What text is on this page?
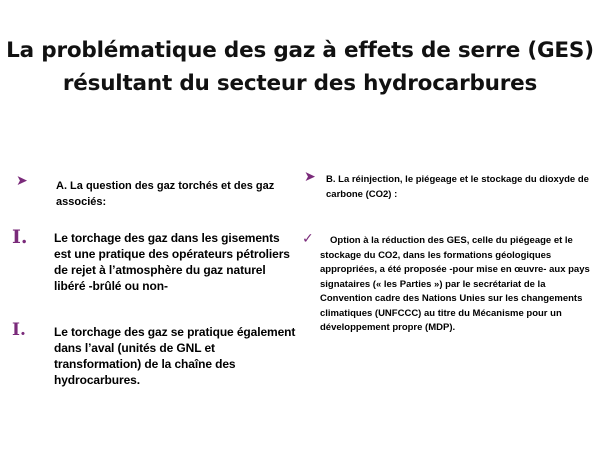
La problématique des gaz à effets de serre (GES)
résultant du secteur des hydrocarbures
➤	A. La question des gaz torchés et des gaz associés:
I. Le torchage des gaz dans les gisements est une pratique des opérateurs pétroliers de rejet à l’atmosphère du gaz naturel libéré -brûlé ou non-
I. Le torchage des gaz se pratique également dans l’aval (unités de GNL et transformation) de la chaîne des hydrocarbures.
➤ B. La réinjection, le piégeage et le stockage du dioxyde de carbone (CO2) :
✓	Option à la réduction des GES, celle du piégeage et le stockage du CO2, dans les formations géologiques appropriées, a été proposée -pour mise en œuvre- aux pays signataires (« les Parties ») par le secrétariat de la Convention cadre des Nations Unies sur les changements climatiques (UNFCCC) au titre du Mécanisme pour un développement propre (MDP).
